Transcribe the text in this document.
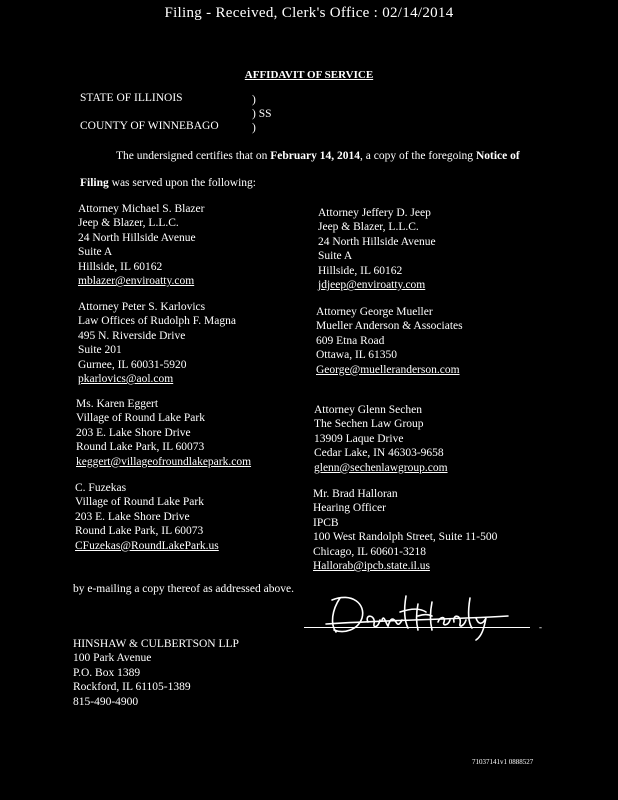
Filing - Received, Clerk's Office : 02/14/2014
AFFIDAVIT OF SERVICE
STATE OF ILLINOIS
COUNTY OF WINNEBAGO
)
) SS
)
The undersigned certifies that on February 14, 2014, a copy of the foregoing Notice of
Filing was served upon the following:
Attorney Michael S. Blazer
Jeep & Blazer, L.L.C.
24 North Hillside Avenue
Suite A
Hillside, IL 60162
mblazer@enviroatty.com
Attorney Jeffery D. Jeep
Jeep & Blazer, L.L.C.
24 North Hillside Avenue
Suite A
Hillside, IL 60162
jdjeep@enviroatty.com
Attorney Peter S. Karlovics
Law Offices of Rudolph F. Magna
495 N. Riverside Drive
Suite 201
Gurnee, IL 60031-5920
pkarlovics@aol.com
Attorney George Mueller
Mueller Anderson & Associates
609 Etna Road
Ottawa, IL 61350
George@muelleranderson.com
Ms. Karen Eggert
Village of Round Lake Park
203 E. Lake Shore Drive
Round Lake Park, IL 60073
keggert@villageofroundlakepark.com
Attorney Glenn Sechen
The Sechen Law Group
13909 Laque Drive
Cedar Lake, IN 46303-9658
glenn@sechenlawgroup.com
C. Fuzekas
Village of Round Lake Park
203 E. Lake Shore Drive
Round Lake Park, IL 60073
CFuzekas@RoundLakePark.us
Mr. Brad Halloran
Hearing Officer
IPCB
100 West Randolph Street, Suite 11-500
Chicago, IL 60601-3218
Hallorab@ipcb.state.il.us
by e-mailing a copy thereof as addressed above.
-
HINSHAW & CULBERTSON LLP
100 Park Avenue
P.O. Box 1389
Rockford, IL 61105-1389
815-490-4900
71037141v1 0888527
